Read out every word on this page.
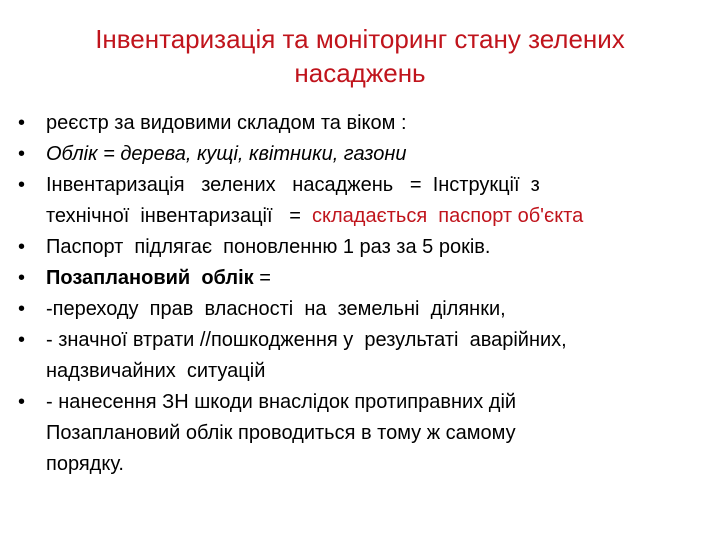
Інвентаризація та моніторинг стану зелених
насаджень
•	реєстр за видовими складом та віком :
•	Облік = дерева, кущі, квітники, газони
•	Інвентаризація   зелених   насаджень   =  Інструкції  з
технічної  інвентаризації   =  складається  паспорт об'єкта
•	Паспорт  підлягає  поновленню 1 раз за 5 років.
•	Позаплановий  облік =
•	-переходу  прав  власності  на  земельні  ділянки,
•	- значної втрати //пошкодження у  результаті  аварійних,
надзвичайних  ситуацій
•	- нанесення ЗН шкоди внаслідок протиправних дій
Позаплановий облік проводиться в тому ж самому
порядку.
